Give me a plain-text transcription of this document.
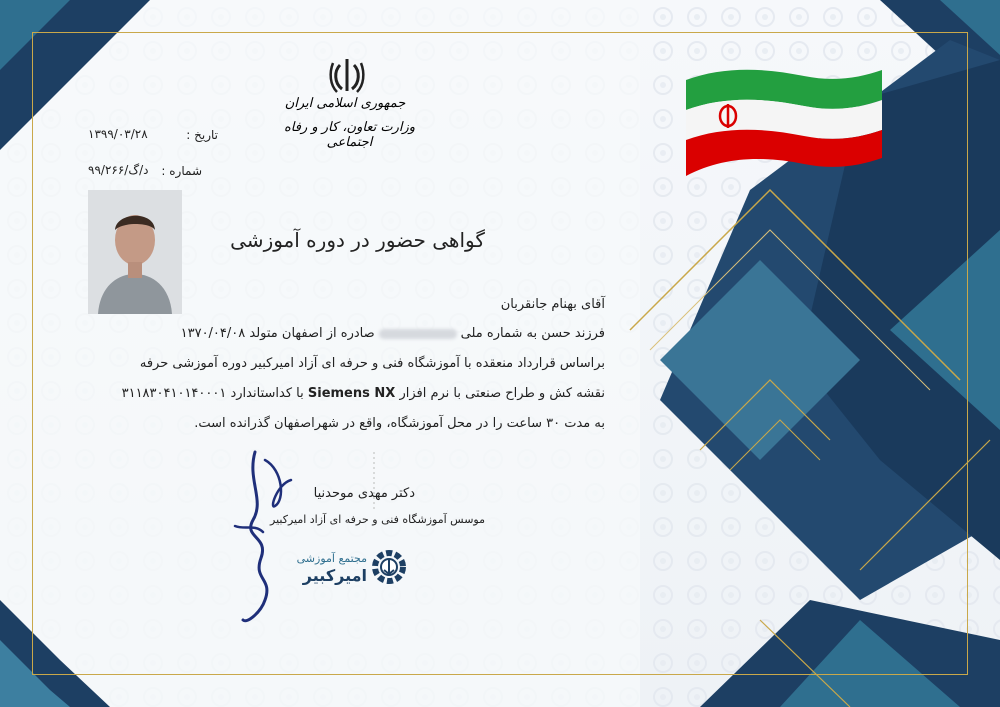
جمهوری اسلامی ایران
وزارت تعاون، کار و رفاه اجتماعی
تاریخ :
۱۳۹۹/۰۳/۲۸
شماره :
۹۹/د/گ/۲۶۶
گواهی حضور در دوره آموزشی
آقای بهنام جانقربان
فرزند حسن به شماره ملیصادره از اصفهان متولد ۱۳۷۰/۰۴/۰۸
براساس قرارداد منعقده با آموزشگاه فنی و حرفه ای آزاد امیرکبیر دوره آموزشی حرفه
نقشه کش و طراح صنعتی با نرم افزار Siemens NX با کداستاندارد ۳۱۱۸۳۰۴۱۰۱۴۰۰۰۱
به مدت ۳۰ ساعت را در محل آموزشگاه، واقع در شهراصفهان گذرانده است.
دکتر مهدی موحدنیا
موسس آموزشگاه فنی و حرفه ای آزاد امیرکبیر
مجتمع آموزشی
امیرکبیر
